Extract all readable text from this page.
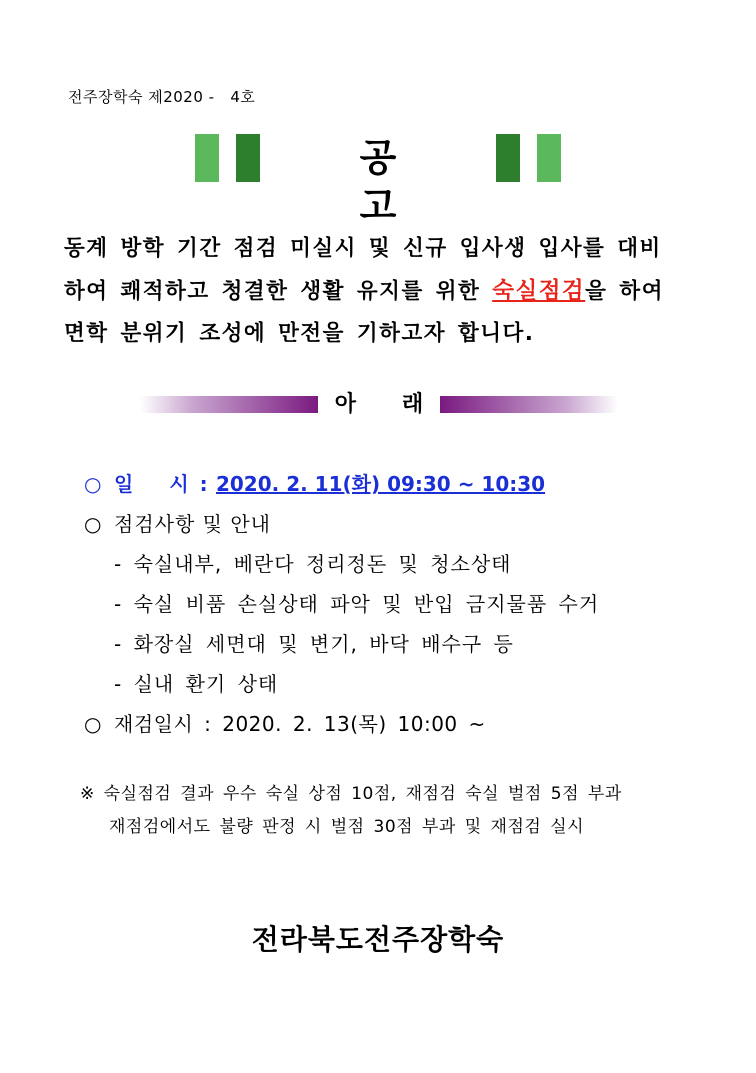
전주장학숙 제2020 -   4호
공고
동계 방학 기간 점검 미실시 및 신규 입사생 입사를 대비
하여 쾌적하고 청결한 생활 유지를 위한 숙실점검을 하여
면학 분위기 조성에 만전을 기하고자 합니다.
아 래
○ 일 시 : 2020. 2. 11(화) 09:30 ~ 10:30
○ 점검사항 및 안내
- 숙실내부, 베란다 정리정돈 및 청소상태
- 숙실 비품 손실상태 파악 및 반입 금지물품 수거
- 화장실 세면대 및 변기, 바닥 배수구 등
- 실내 환기 상태
○ 재검일시 : 2020. 2. 13(목) 10:00 ~
※ 숙실점검 결과 우수 숙실 상점 10점, 재점검 숙실 벌점 5점 부과
재점검에서도 불량 판정 시 벌점 30점 부과 및 재점검 실시
전라북도전주장학숙
